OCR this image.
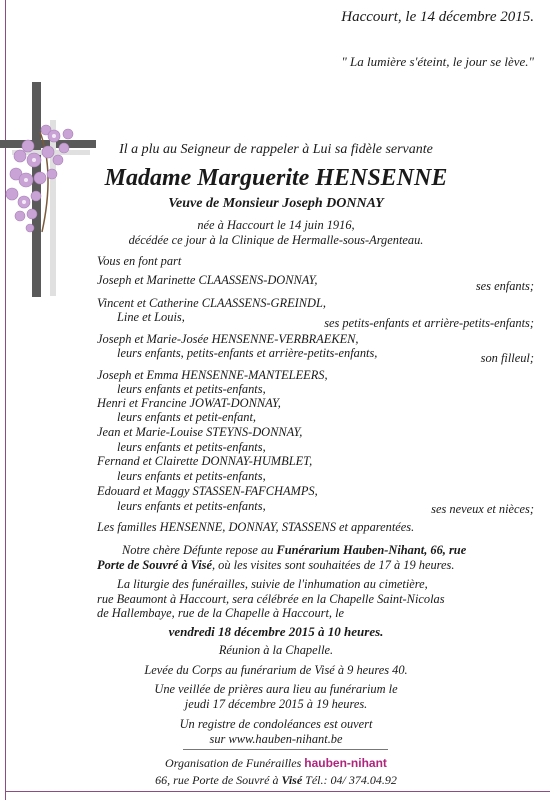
Haccourt, le 14 décembre 2015.
" La lumière s'éteint, le jour se lève."
Il a plu au Seigneur de rappeler à Lui sa fidèle servante
Madame Marguerite HENSENNE
Veuve de Monsieur Joseph DONNAY
née à Haccourt le 14 juin 1916,
décédée ce jour à la Clinique de Hermalle-sous-Argenteau.
Vous en font part
Joseph et Marinette CLAASSENS-DONNAY,	ses enfants;
Vincent et Catherine CLAASSENS-GREINDL,
Line et Louis,	ses petits-enfants et arrière-petits-enfants;
Joseph et Marie-Josée HENSENNE-VERBRAEKEN,
leurs enfants, petits-enfants et arrière-petits-enfants,	son filleul;
Joseph et Emma HENSENNE-MANTELEERS,
leurs enfants et petits-enfants,
Henri et Francine JOWAT-DONNAY,
leurs enfants et petit-enfant,
Jean et Marie-Louise STEYNS-DONNAY,
leurs enfants et petits-enfants,
Fernand et Clairette DONNAY-HUMBLET,
leurs enfants et petits-enfants,
Edouard et Maggy STASSEN-FAFCHAMPS,
leurs enfants et petits-enfants,	ses neveux et nièces;
Les familles HENSENNE, DONNAY, STASSENS et apparentées.
Notre chère Défunte repose au Funérarium Hauben-Nihant, 66, rue
Porte de Souvré à Visé, où les visites sont souhaitées de 17 à 19 heures.
La liturgie des funérailles, suivie de l'inhumation au cimetière,
rue Beaumont à Haccourt, sera célébrée en la Chapelle Saint-Nicolas
de Hallembaye, rue de la Chapelle à Haccourt, le
vendredi 18 décembre 2015 à 10 heures.
Réunion à la Chapelle.
Levée du Corps au funérarium de Visé à 9 heures 40.
Une veillée de prières aura lieu au funérarium le
jeudi 17 décembre 2015 à 19 heures.
Un registre de condoléances est ouvert
sur www.hauben-nihant.be
Organisation de Funérailles hauben-nihant
66, rue Porte de Souvré à Visé Tél.: 04/ 374.04.92
